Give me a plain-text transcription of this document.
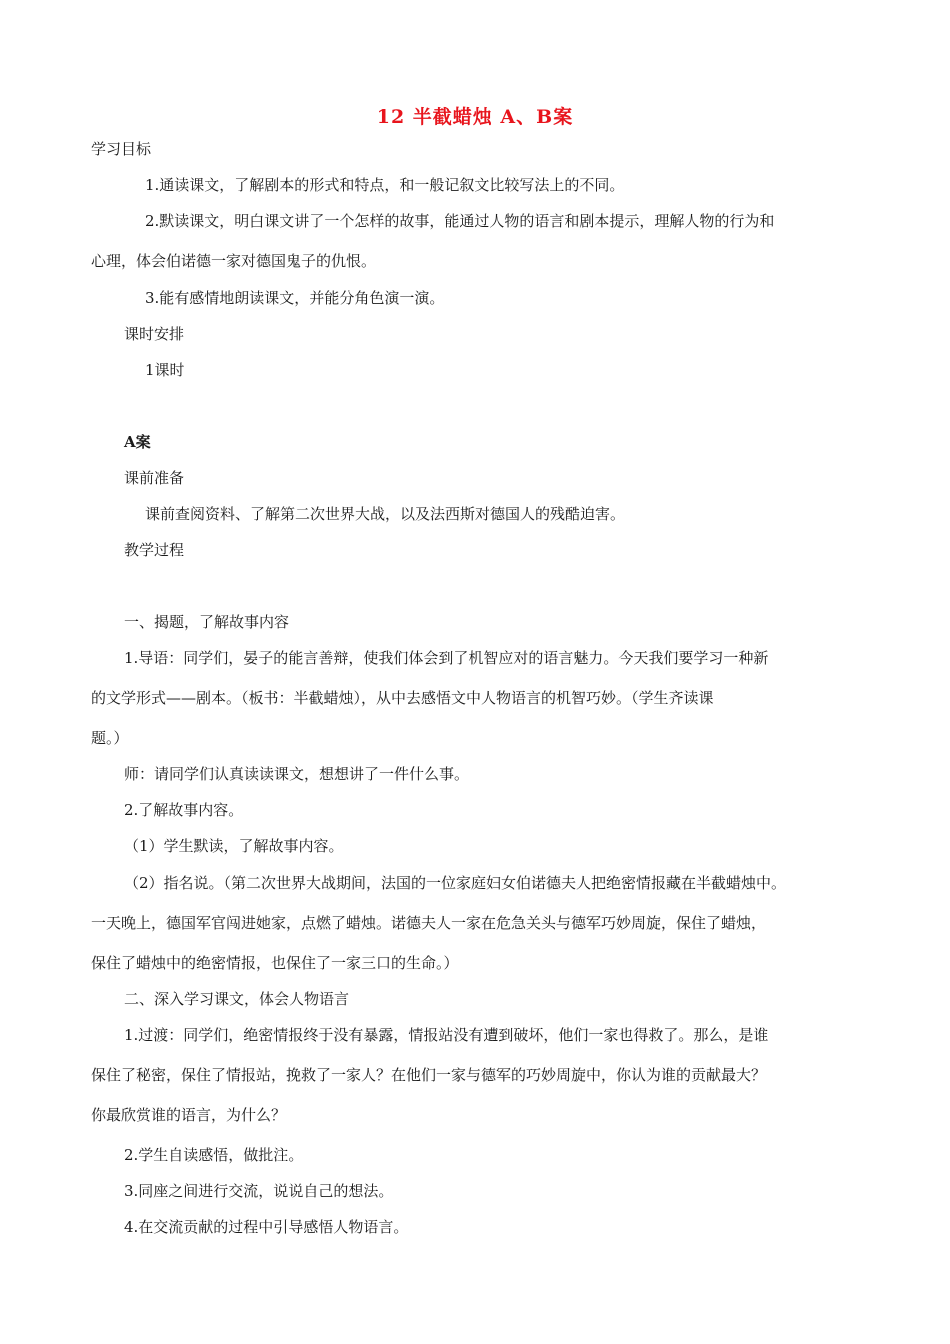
12 半截蜡烛 A、B案
学习目标
1.通读课文，了解剧本的形式和特点，和一般记叙文比较写法上的不同。
2.默读课文，明白课文讲了一个怎样的故事，能通过人物的语言和剧本提示，理解人物的行为和
心理，体会伯诺德一家对德国鬼子的仇恨。
3.能有感情地朗读课文，并能分角色演一演。
课时安排
1课时
A案
课前准备
课前查阅资料、了解第二次世界大战，以及法西斯对德国人的残酷迫害。
教学过程
一、揭题，了解故事内容
1.导语：同学们，晏子的能言善辩，使我们体会到了机智应对的语言魅力。今天我们要学习一种新
的文学形式——剧本。（板书：半截蜡烛），从中去感悟文中人物语言的机智巧妙。（学生齐读课
题。）
师：请同学们认真读读课文，想想讲了一件什么事。
2.了解故事内容。
（1）学生默读，了解故事内容。
（2）指名说。（第二次世界大战期间，法国的一位家庭妇女伯诺德夫人把绝密情报藏在半截蜡烛中。
一天晚上，德国军官闯进她家，点燃了蜡烛。诺德夫人一家在危急关头与德军巧妙周旋，保住了蜡烛，
保住了蜡烛中的绝密情报，也保住了一家三口的生命。）
二、深入学习课文，体会人物语言
1.过渡：同学们，绝密情报终于没有暴露，情报站没有遭到破坏，他们一家也得救了。那么，是谁
保住了秘密，保住了情报站，挽救了一家人？在他们一家与德军的巧妙周旋中，你认为谁的贡献最大？
你最欣赏谁的语言，为什么？
2.学生自读感悟，做批注。
3.同座之间进行交流，说说自己的想法。
4.在交流贡献的过程中引导感悟人物语言。
